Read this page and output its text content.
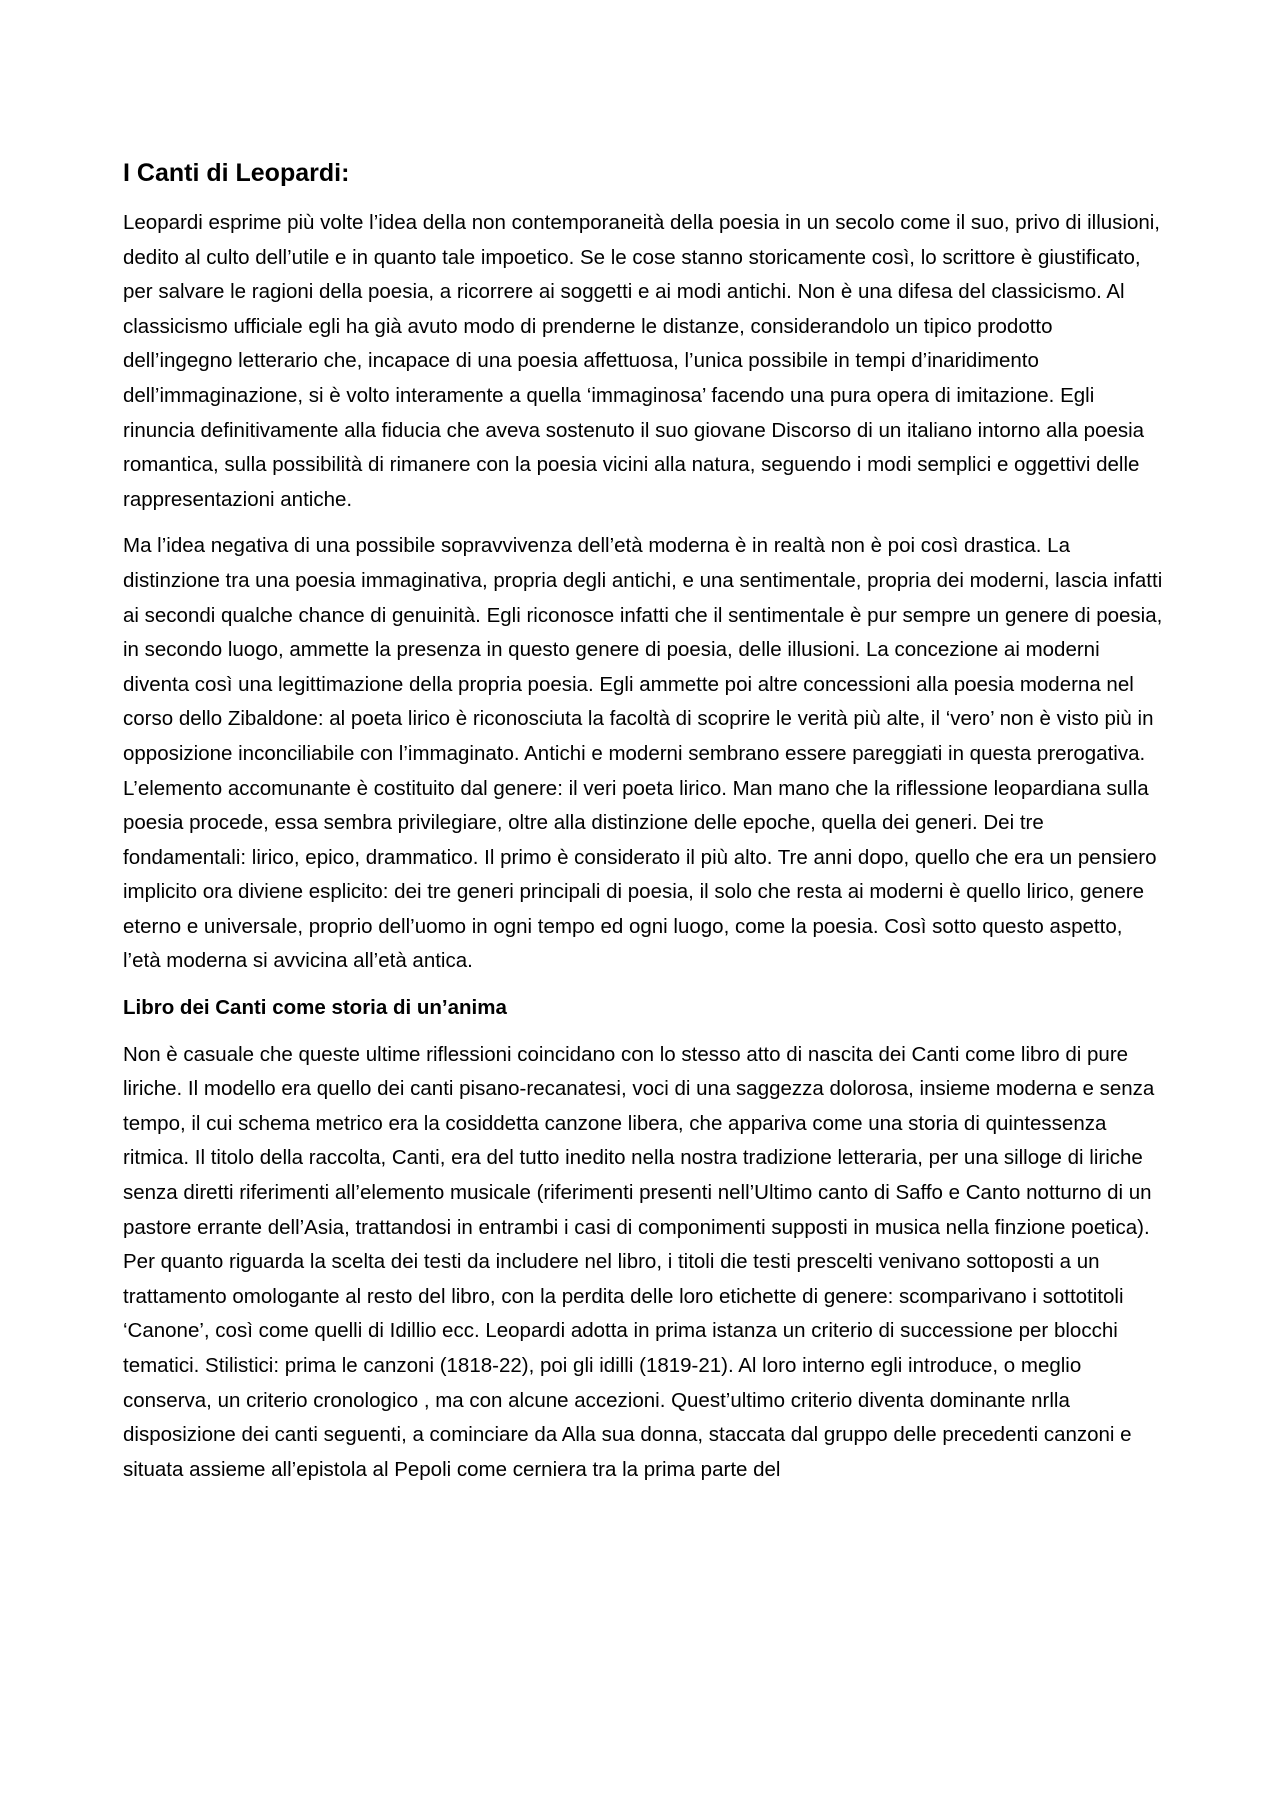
I Canti di Leopardi:

Leopardi esprime più volte l’idea della non contemporaneità della poesia in un secolo come il suo, privo di illusioni, dedito al culto dell’utile e in quanto tale impoetico. Se le cose stanno storicamente così, lo scrittore è giustificato, per salvare le ragioni della poesia, a ricorrere ai soggetti e ai modi antichi. Non è una difesa del classicismo. Al classicismo ufficiale egli ha già avuto modo di prenderne le distanze, considerandolo un tipico prodotto dell’ingegno letterario che, incapace di una poesia affettuosa, l’unica possibile in tempi d’inaridimento dell’immaginazione, si è volto interamente a quella ‘immaginosa’ facendo una pura opera di imitazione. Egli rinuncia definitivamente alla fiducia che aveva sostenuto il suo giovane Discorso di un italiano intorno alla poesia romantica, sulla possibilità di rimanere con la poesia vicini alla natura, seguendo i modi semplici e oggettivi delle rappresentazioni antiche.

Ma l’idea negativa di una possibile sopravvivenza dell’età moderna è in realtà non è poi così drastica. La distinzione tra una poesia immaginativa, propria degli antichi, e una sentimentale, propria dei moderni, lascia infatti ai secondi qualche chance di genuinità. Egli riconosce infatti che il sentimentale è pur sempre un genere di poesia, in secondo luogo, ammette la presenza in questo genere di poesia, delle illusioni. La concezione ai moderni diventa così una legittimazione della propria poesia. Egli ammette poi altre concessioni alla poesia moderna nel corso dello Zibaldone: al poeta lirico è riconosciuta la facoltà di scoprire le verità più alte, il ‘vero’ non è visto più in opposizione inconciliabile con l’immaginato. Antichi e moderni sembrano essere pareggiati in questa prerogativa. L’elemento accomunante è costituito dal genere: il veri poeta lirico. Man mano che la riflessione leopardiana sulla poesia procede, essa sembra privilegiare, oltre alla distinzione delle epoche, quella dei generi. Dei tre fondamentali: lirico, epico, drammatico. Il primo è considerato il più alto. Tre anni dopo, quello che era un pensiero implicito ora diviene esplicito: dei tre generi principali di poesia, il solo che resta ai moderni è quello lirico, genere eterno e universale, proprio dell’uomo in ogni tempo ed ogni luogo, come la poesia. Così sotto questo aspetto, l’età moderna si avvicina all’età antica.

Libro dei Canti come storia di un’anima

Non è casuale che queste ultime riflessioni coincidano con lo stesso atto di nascita dei Canti come libro di pure liriche. Il modello era quello dei canti pisano-recanatesi, voci di una saggezza dolorosa, insieme moderna e senza tempo, il cui schema metrico era la cosiddetta canzone libera, che appariva come una storia di quintessenza ritmica. Il titolo della raccolta, Canti, era del tutto inedito nella nostra tradizione letteraria, per una silloge di liriche senza diretti riferimenti all’elemento musicale (riferimenti presenti nell’Ultimo canto di Saffo e Canto notturno di un pastore errante dell’Asia, trattandosi in entrambi i casi di componimenti supposti in musica nella finzione poetica). Per quanto riguarda la scelta dei testi da includere nel libro, i titoli die testi prescelti venivano sottoposti a un trattamento omologante al resto del libro, con la perdita delle loro etichette di genere: scomparivano i sottotitoli ‘Canone’, così come quelli di Idillio ecc. Leopardi adotta in prima istanza un criterio di successione per blocchi tematici. Stilistici: prima le canzoni (1818-22), poi gli idilli (1819-21). Al loro interno egli introduce, o meglio conserva, un criterio cronologico , ma con alcune accezioni. Quest’ultimo criterio diventa dominante nrlla disposizione dei canti seguenti, a cominciare da Alla sua donna, staccata dal gruppo delle precedenti canzoni e situata assieme all’epistola al Pepoli come cerniera tra la prima parte del
